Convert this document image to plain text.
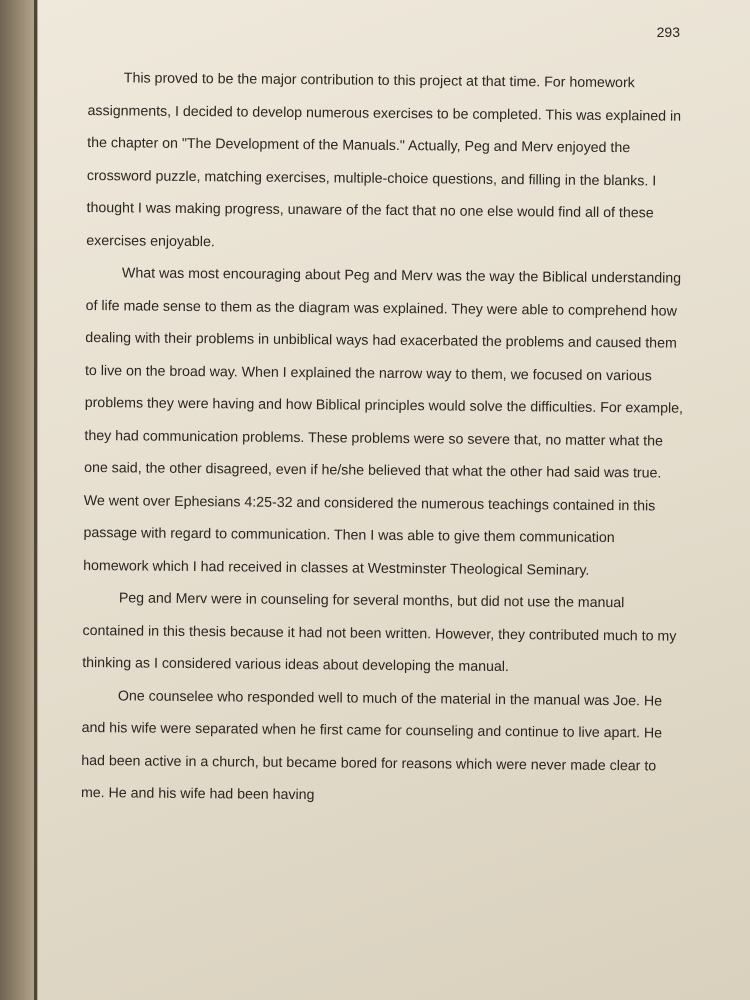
293

This proved to be the major contribution to this project at that time. For homework assignments, I decided to develop numerous exercises to be completed. This was explained in the chapter on "The Development of the Manuals." Actually, Peg and Merv enjoyed the crossword puzzle, matching exercises, multiple-choice questions, and filling in the blanks. I thought I was making progress, unaware of the fact that no one else would find all of these exercises enjoyable.

What was most encouraging about Peg and Merv was the way the Biblical understanding of life made sense to them as the diagram was explained. They were able to comprehend how dealing with their problems in unbiblical ways had exacerbated the problems and caused them to live on the broad way. When I explained the narrow way to them, we focused on various problems they were having and how Biblical principles would solve the difficulties. For example, they had communication problems. These problems were so severe that, no matter what the one said, the other disagreed, even if he/she believed that what the other had said was true. We went over Ephesians 4:25-32 and considered the numerous teachings contained in this passage with regard to communication. Then I was able to give them communication homework which I had received in classes at Westminster Theological Seminary.

Peg and Merv were in counseling for several months, but did not use the manual contained in this thesis because it had not been written. However, they contributed much to my thinking as I considered various ideas about developing the manual.

One counselee who responded well to much of the material in the manual was Joe. He and his wife were separated when he first came for counseling and continue to live apart. He had been active in a church, but became bored for reasons which were never made clear to me. He and his wife had been having
